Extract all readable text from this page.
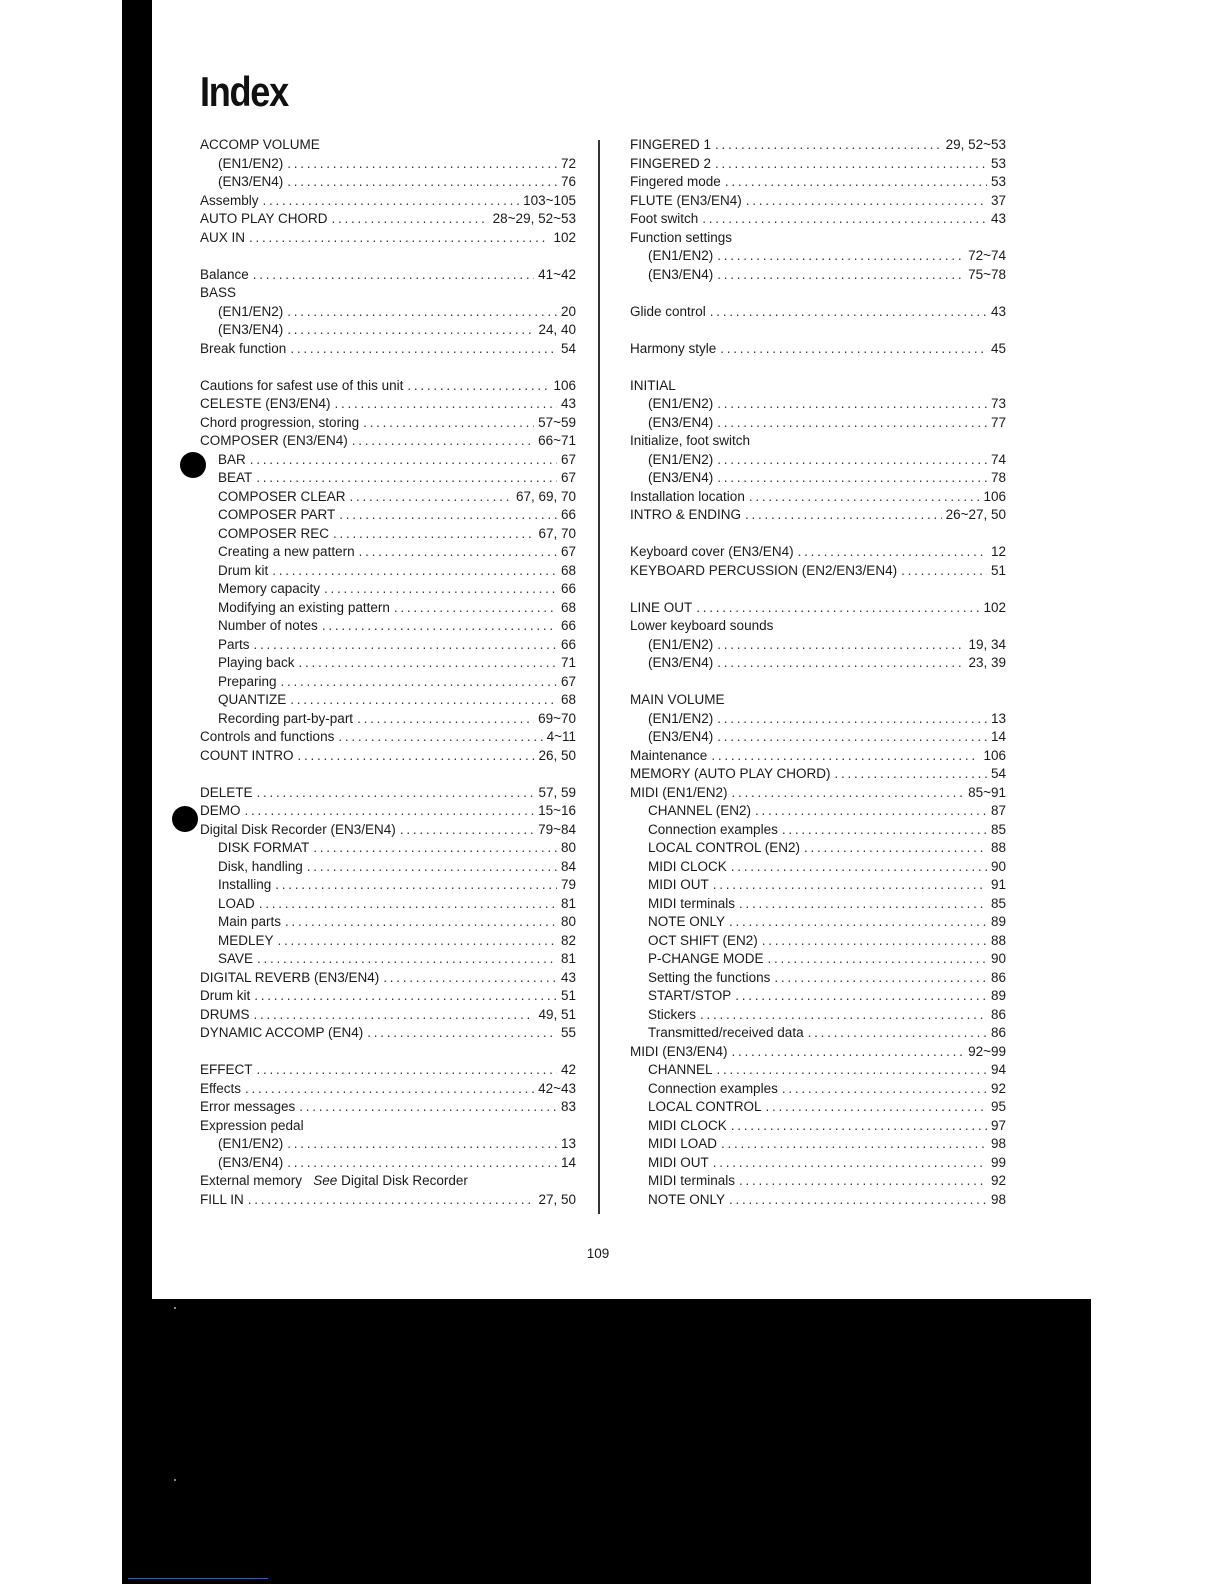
Index
ACCOMP VOLUME
(EN1/EN2) . . .	72
(EN3/EN4) . . .	76
Assembly . . .	103~105
AUTO PLAY CHORD . . .	28~29, 52~53
AUX IN . . .	102
Balance . . .	41~42
BASS
(EN1/EN2) . . .	20
(EN3/EN4) . . .	24, 40
Break function . . .	54
Cautions for safest use of this unit . . .	106
CELESTE (EN3/EN4) . . .	43
Chord progression, storing . . .	57~59
COMPOSER (EN3/EN4) . . .	66~71
BAR . . .	67
BEAT . . .	67
COMPOSER CLEAR . . .	67, 69, 70
COMPOSER PART . . .	66
COMPOSER REC . . .	67, 70
Creating a new pattern . . .	67
Drum kit . . .	68
Memory capacity . . .	66
Modifying an existing pattern . . .	68
Number of notes . . .	66
Parts . . .	66
Playing back . . .	71
Preparing . . .	67
QUANTIZE . . .	68
Recording part-by-part . . .	69~70
Controls and functions . . .	4~11
COUNT INTRO . . .	26, 50
DELETE . . .	57, 59
DEMO . . .	15~16
Digital Disk Recorder (EN3/EN4) . . .	79~84
DISK FORMAT . . .	80
Disk, handling . . .	84
Installing . . .	79
LOAD . . .	81
Main parts . . .	80
MEDLEY . . .	82
SAVE . . .	81
DIGITAL REVERB (EN3/EN4) . . .	43
Drum kit . . .	51
DRUMS . . .	49, 51
DYNAMIC ACCOMP (EN4) . . .	55
EFFECT . . .	42
Effects . . .	42~43
Error messages . . .	83
Expression pedal
(EN1/EN2) . . .	13
(EN3/EN4) . . .	14
External memory See Digital Disk Recorder
FILL IN . . .	27, 50
FINGERED 1 . . .	29, 52~53
FINGERED 2 . . .	53
Fingered mode . . .	53
FLUTE (EN3/EN4) . . .	37
Foot switch . . .	43
Function settings
(EN1/EN2) . . .	72~74
(EN3/EN4) . . .	75~78
Glide control . . .	43
Harmony style . . .	45
INITIAL
(EN1/EN2) . . .	73
(EN3/EN4) . . .	77
Initialize, foot switch
(EN1/EN2) . . .	74
(EN3/EN4) . . .	78
Installation location . . .	106
INTRO & ENDING . . .	26~27, 50
Keyboard cover (EN3/EN4) . . .	12
KEYBOARD PERCUSSION (EN2/EN3/EN4) . . .	51
LINE OUT . . .	102
Lower keyboard sounds
(EN1/EN2) . . .	19, 34
(EN3/EN4) . . .	23, 39
MAIN VOLUME
(EN1/EN2) . . .	13
(EN3/EN4) . . .	14
Maintenance . . .	106
MEMORY (AUTO PLAY CHORD) . . .	54
MIDI (EN1/EN2) . . .	85~91
CHANNEL (EN2) . . .	87
Connection examples . . .	85
LOCAL CONTROL (EN2) . . .	88
MIDI CLOCK . . .	90
MIDI OUT . . .	91
MIDI terminals . . .	85
NOTE ONLY . . .	89
OCT SHIFT (EN2) . . .	88
P-CHANGE MODE . . .	90
Setting the functions . . .	86
START/STOP . . .	89
Stickers . . .	86
Transmitted/received data . . .	86
MIDI (EN3/EN4) . . .	92~99
CHANNEL . . .	94
Connection examples . . .	92
LOCAL CONTROL . . .	95
MIDI CLOCK . . .	97
MIDI LOAD . . .	98
MIDI OUT . . .	99
MIDI terminals . . .	92
NOTE ONLY . . .	98
109
